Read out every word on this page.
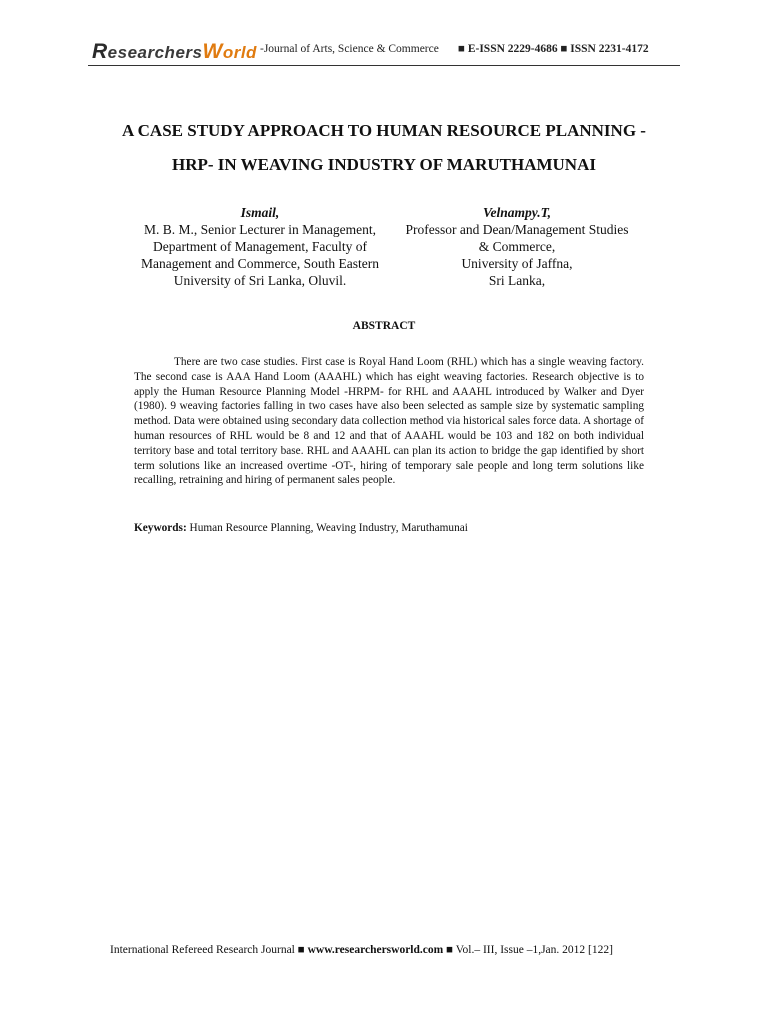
ResearchersWorld -Journal of Arts, Science & Commerce ■ E-ISSN 2229-4686 ■ ISSN 2231-4172
A CASE STUDY APPROACH TO HUMAN RESOURCE PLANNING -
HRP- IN WEAVING INDUSTRY OF MARUTHAMUNAI
Ismail,
M. B. M., Senior Lecturer in Management,
Department of Management, Faculty of
Management and Commerce, South Eastern
University of Sri Lanka, Oluvil.
Velnampy.T,
Professor and Dean/Management Studies
& Commerce,
University of Jaffna,
Sri Lanka,
ABSTRACT
There are two case studies. First case is Royal Hand Loom (RHL) which has a single weaving factory. The second case is AAA Hand Loom (AAAHL) which has eight weaving factories. Research objective is to apply the Human Resource Planning Model -HRPM- for RHL and AAAHL introduced by Walker and Dyer (1980). 9 weaving factories falling in two cases have also been selected as sample size by systematic sampling method. Data were obtained using secondary data collection method via historical sales force data. A shortage of human resources of RHL would be 8 and 12 and that of AAAHL would be 103 and 182 on both individual territory base and total territory base. RHL and AAAHL can plan its action to bridge the gap identified by short term solutions like an increased overtime -OT-, hiring of temporary sale people and long term solutions like recalling, retraining and hiring of permanent sales people.
Keywords: Human Resource Planning, Weaving Industry, Maruthamunai
International Refereed Research Journal ■ www.researchersworld.com ■ Vol.– III, Issue –1,Jan. 2012 [122]
